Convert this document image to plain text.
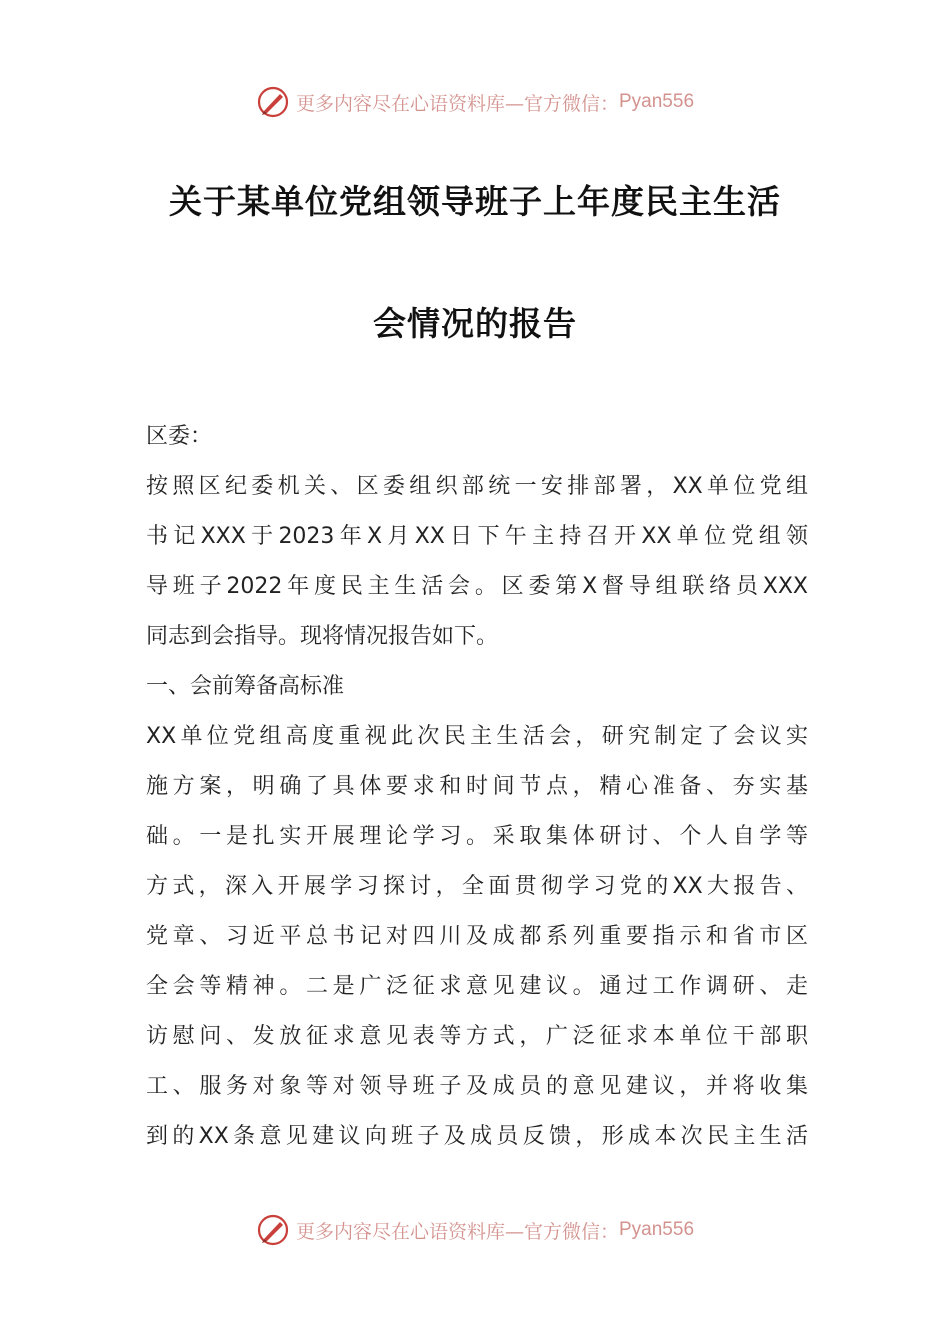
更多内容尽在心语资料库—官方微信： Pyan556
关于某单位党组领导班子上年度民主生活
会情况的报告

区委：

按照区纪委机关、区委组织部统一安排部署，XX单位党组

书记XXX于2023年X月XX日下午主持召开XX单位党组领

导班子2022年度民主生活会。区委第X督导组联络员XXX

同志到会指导。现将情况报告如下。

一、会前筹备高标准

XX单位党组高度重视此次民主生活会，研究制定了会议实

施方案，明确了具体要求和时间节点，精心准备、夯实基

础。一是扎实开展理论学习。采取集体研讨、个人自学等

方式，深入开展学习探讨，全面贯彻学习党的XX大报告、

党章、习近平总书记对四川及成都系列重要指示和省市区

全会等精神。二是广泛征求意见建议。通过工作调研、走

访慰问、发放征求意见表等方式，广泛征求本单位干部职

工、服务对象等对领导班子及成员的意见建议，并将收集

到的XX条意见建议向班子及成员反馈，形成本次民主生活

更多内容尽在心语资料库—官方微信： Pyan556
